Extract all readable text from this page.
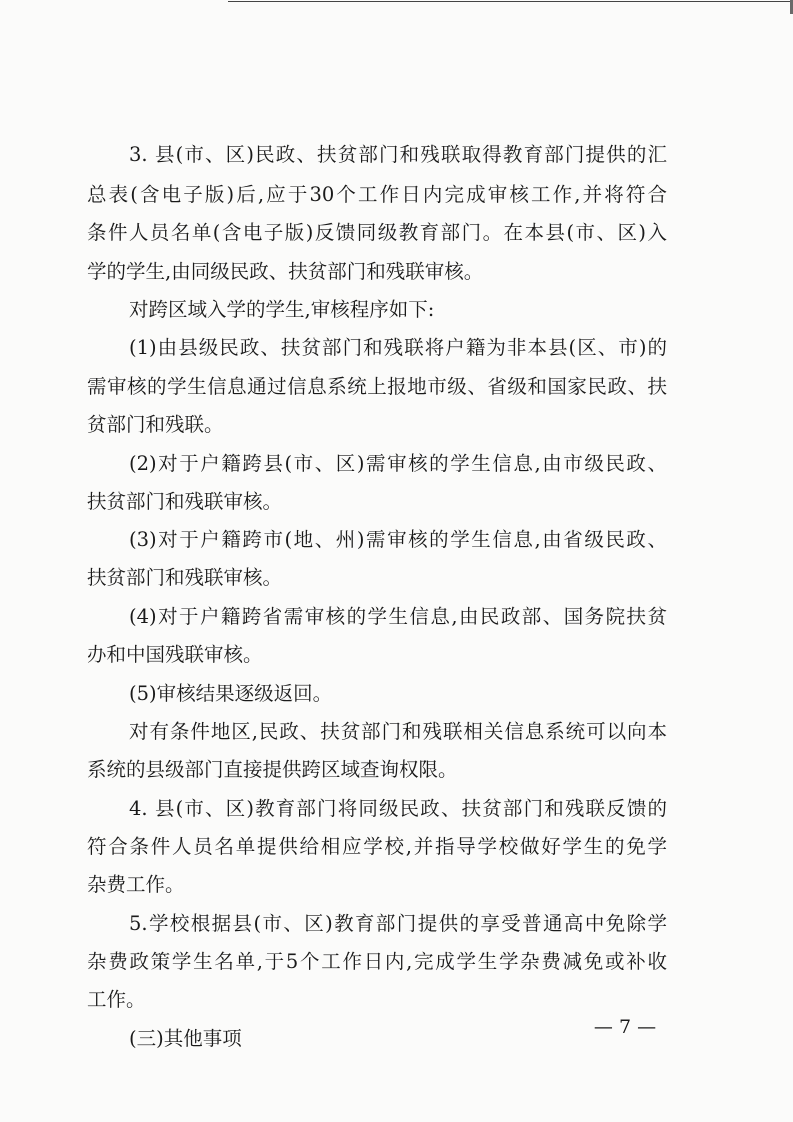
3. 县(市、区)民政、扶贫部门和残联取得教育部门提供的汇
总表(含电子版)后,应于30个工作日内完成审核工作,并将符合
条件人员名单(含电子版)反馈同级教育部门。在本县(市、区)入
学的学生,由同级民政、扶贫部门和残联审核。
对跨区域入学的学生,审核程序如下:
(1)由县级民政、扶贫部门和残联将户籍为非本县(区、市)的
需审核的学生信息通过信息系统上报地市级、省级和国家民政、扶
贫部门和残联。
(2)对于户籍跨县(市、区)需审核的学生信息,由市级民政、
扶贫部门和残联审核。
(3)对于户籍跨市(地、州)需审核的学生信息,由省级民政、
扶贫部门和残联审核。
(4)对于户籍跨省需审核的学生信息,由民政部、国务院扶贫
办和中国残联审核。
(5)审核结果逐级返回。
对有条件地区,民政、扶贫部门和残联相关信息系统可以向本
系统的县级部门直接提供跨区域查询权限。
4. 县(市、区)教育部门将同级民政、扶贫部门和残联反馈的
符合条件人员名单提供给相应学校,并指导学校做好学生的免学
杂费工作。
5.学校根据县(市、区)教育部门提供的享受普通高中免除学
杂费政策学生名单,于5个工作日内,完成学生学杂费减免或补收
工作。
(三)其他事项	— 7 —
